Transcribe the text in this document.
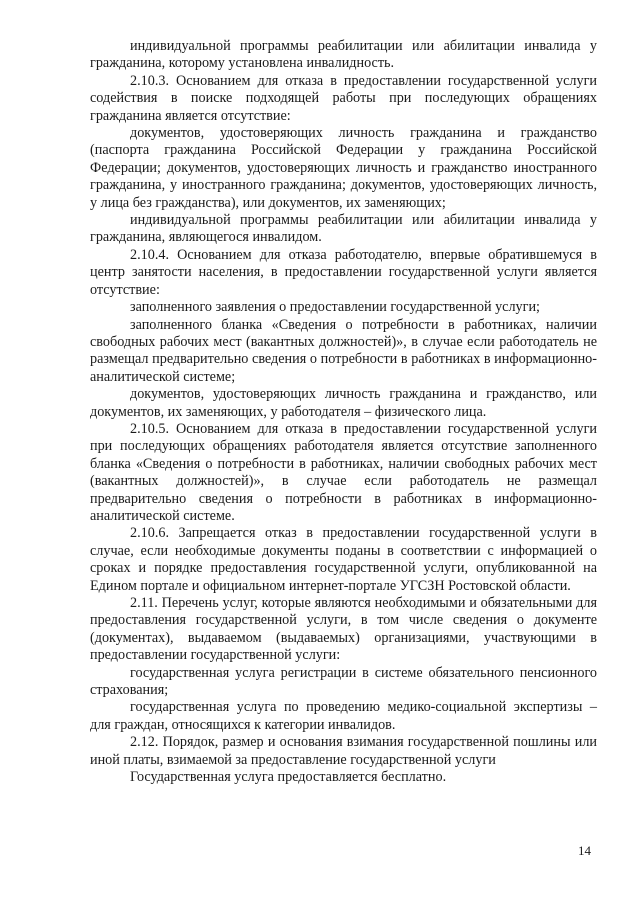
индивидуальной программы реабилитации или абилитации инвалида у гражданина, которому установлена инвалидность.

2.10.3. Основанием для отказа в предоставлении государственной услуги содействия в поиске подходящей работы при последующих обращениях гражданина является отсутствие:

документов, удостоверяющих личность гражданина и гражданство (паспорта гражданина Российской Федерации у гражданина Российской Федерации; документов, удостоверяющих личность и гражданство иностранного гражданина, у иностранного гражданина; документов, удостоверяющих личность, у лица без гражданства), или документов, их заменяющих;

индивидуальной программы реабилитации или абилитации инвалида у гражданина, являющегося инвалидом.

2.10.4. Основанием для отказа работодателю, впервые обратившемуся в центр занятости населения, в предоставлении государственной услуги является отсутствие:

заполненного заявления о предоставлении государственной услуги;

заполненного бланка «Сведения о потребности в работниках, наличии свободных рабочих мест (вакантных должностей)», в случае если работодатель не размещал предварительно сведения о потребности в работниках в информационно-аналитической системе;

документов, удостоверяющих личность гражданина и гражданство, или документов, их заменяющих, у работодателя – физического лица.

2.10.5. Основанием для отказа в предоставлении государственной услуги при последующих обращениях работодателя является отсутствие заполненного бланка «Сведения о потребности в работниках, наличии свободных рабочих мест (вакантных должностей)», в случае если работодатель не размещал предварительно сведения о потребности в работниках в информационно-аналитической системе.

2.10.6. Запрещается отказ в предоставлении государственной услуги в случае, если необходимые документы поданы в соответствии с информацией о сроках и порядке предоставления государственной услуги, опубликованной на Едином портале и официальном интернет-портале УГСЗН Ростовской области.

2.11. Перечень услуг, которые являются необходимыми и обязательными для предоставления государственной услуги, в том числе сведения о документе (документах), выдаваемом (выдаваемых) организациями, участвующими в предоставлении государственной услуги:

государственная услуга регистрации в системе обязательного пенсионного страхования;

государственная услуга по проведению медико-социальной экспертизы – для граждан, относящихся к категории инвалидов.

2.12. Порядок, размер и основания взимания государственной пошлины или иной платы, взимаемой за предоставление государственной услуги

Государственная услуга предоставляется бесплатно.

14
